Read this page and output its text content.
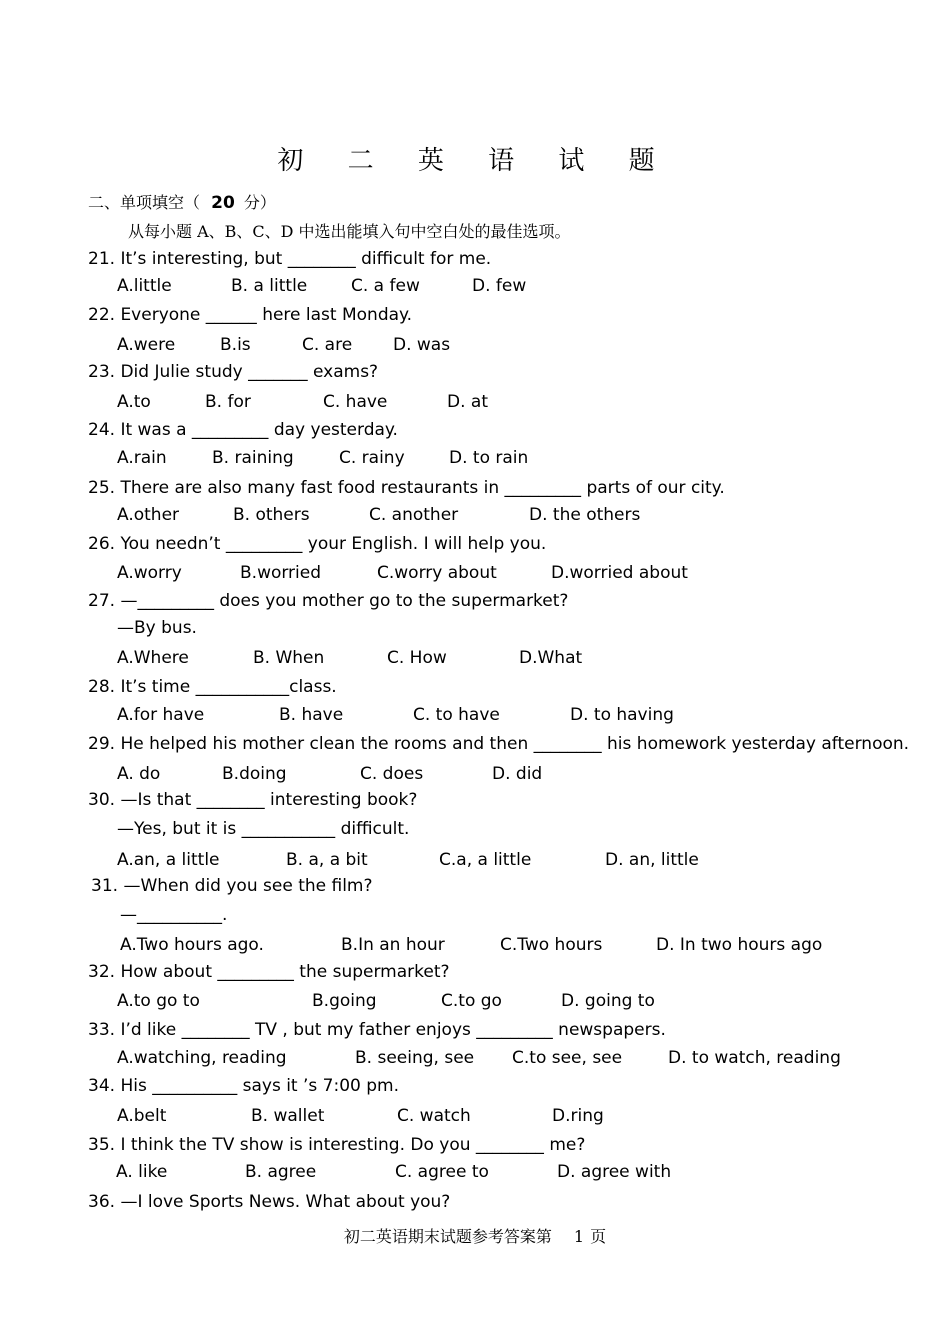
初 二 英 语 试 题
二、单项填空（ 20 分）
从每小题 A、B、C、D 中选出能填入句中空白处的最佳选项。
21. It’s interesting, but ________ difficult for me.
A.little	B. a little	C. a few	D. few
22. Everyone ______ here last Monday.
A.were	B.is	C. are D. was
23. Did Julie study _______ exams?
A.to	B. for	C. have	D. at
24. It was a _________ day yesterday.
A.rain	B. raining	C. rainy	D. to rain
25. There are also many fast food restaurants in _________ parts of our city.
A.other	B. others	C. another	D. the others
26. You needn’t _________ your English. I will help you.
A.worry	B.worried	C.worry about	D.worried about
27. —_________ does you mother go to the supermarket?
—By bus.
A.Where	B. When	C. How	D.What
28. It’s time ___________class.
A.for have	B. have	C. to have	D. to having
29. He helped his mother clean the rooms and then ________ his homework yesterday afternoon.
A. do	B.doing	C. does	D. did
30. —Is that ________ interesting book?
—Yes, but it is ___________ difficult.
A.an, a little	B. a, a bit	C.a, a little	D. an, little
31. —When did you see the film?
—__________.
A.Two hours ago.	B.In an hour	C.Two hours	D. In two hours ago
32. How about _________ the supermarket?
A.to go to	B.going	C.to go	D. going to
33. I’d like ________ TV , but my father enjoys _________ newspapers.
A.watching, reading	B. seeing, see C.to see, see	D. to watch, reading
34. His __________ says it ’s 7:00 pm.
A.belt	B. wallet	C. watch	D.ring
35. I think the TV show is interesting. Do you ________ me?
A. like	B. agree	C. agree to	D. agree with
36. —I love Sports News. What about you?
初二英语期末试题参考答案第 1 页
